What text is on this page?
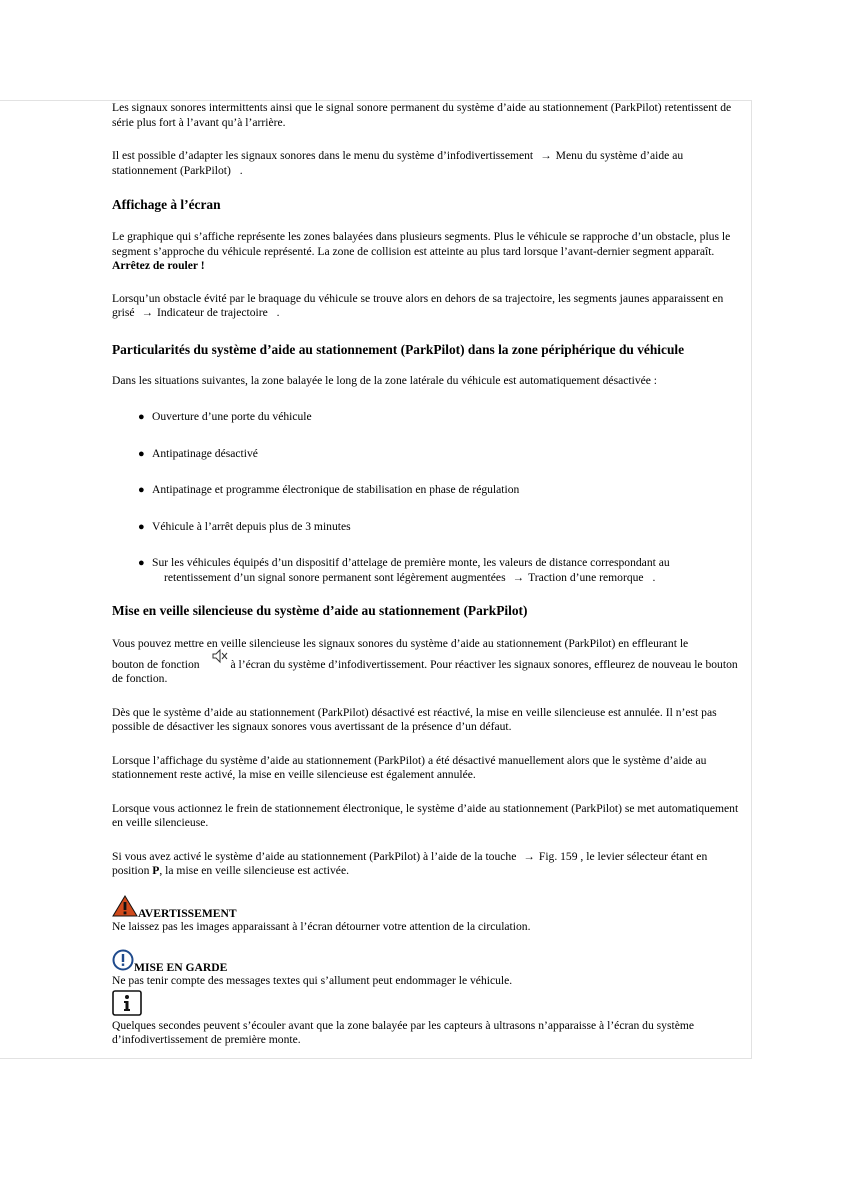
Les signaux sonores intermittents ainsi que le signal sonore permanent du système d’aide au stationnement (ParkPilot) retentissent de série plus fort à l’avant qu’à l’arrière.

Il est possible d’adapter les signaux sonores dans le menu du système d’infodivertissement → Menu du système d’aide au stationnement (ParkPilot) .

Affichage à l’écran

Le graphique qui s’affiche représente les zones balayées dans plusieurs segments. Plus le véhicule se rapproche d’un obstacle, plus le segment s’approche du véhicule représenté. La zone de collision est atteinte au plus tard lorsque l’avant-dernier segment apparaît. Arrêtez de rouler !

Lorsqu’un obstacle évité par le braquage du véhicule se trouve alors en dehors de sa trajectoire, les segments jaunes apparaissent en grisé → Indicateur de trajectoire .

Particularités du système d’aide au stationnement (ParkPilot) dans la zone périphérique du véhicule

Dans les situations suivantes, la zone balayée le long de la zone latérale du véhicule est automatiquement désactivée :

● Ouverture d’une porte du véhicule
● Antipatinage désactivé
● Antipatinage et programme électronique de stabilisation en phase de régulation
● Véhicule à l’arrêt depuis plus de 3 minutes
● Sur les véhicules équipés d’un dispositif d’attelage de première monte, les valeurs de distance correspondant au
retentissement d’un signal sonore permanent sont légèrement augmentées → Traction d’une remorque .
Mise en veille silencieuse du système d’aide au stationnement (ParkPilot)

Vous pouvez mettre en veille silencieuse les signaux sonores du système d’aide au stationnement (ParkPilot) en effleurant le
bouton de fonction	à l’écran du système d’infodivertissement. Pour réactiver les signaux sonores, effleurez de nouveau le bouton de fonction.

Dès que le système d’aide au stationnement (ParkPilot) désactivé est réactivé, la mise en veille silencieuse est annulée. Il n’est pas possible de désactiver les signaux sonores vous avertissant de la présence d’un défaut.

Lorsque l’affichage du système d’aide au stationnement (ParkPilot) a été désactivé manuellement alors que le système d’aide au stationnement reste activé, la mise en veille silencieuse est également annulée.

Lorsque vous actionnez le frein de stationnement électronique, le système d’aide au stationnement (ParkPilot) se met automatiquement en veille silencieuse.

Si vous avez activé le système d’aide au stationnement (ParkPilot) à l’aide de la touche → Fig. 159 , le levier sélecteur étant en position P, la mise en veille silencieuse est activée.

AVERTISSEMENT

Ne laissez pas les images apparaissant à l’écran détourner votre attention de la circulation.

MISE EN GARDE

Ne pas tenir compte des messages textes qui s’allument peut endommager le véhicule.

Quelques secondes peuvent s’écouler avant que la zone balayée par les capteurs à ultrasons n’apparaisse à l’écran du système d’infodivertissement de première monte.
